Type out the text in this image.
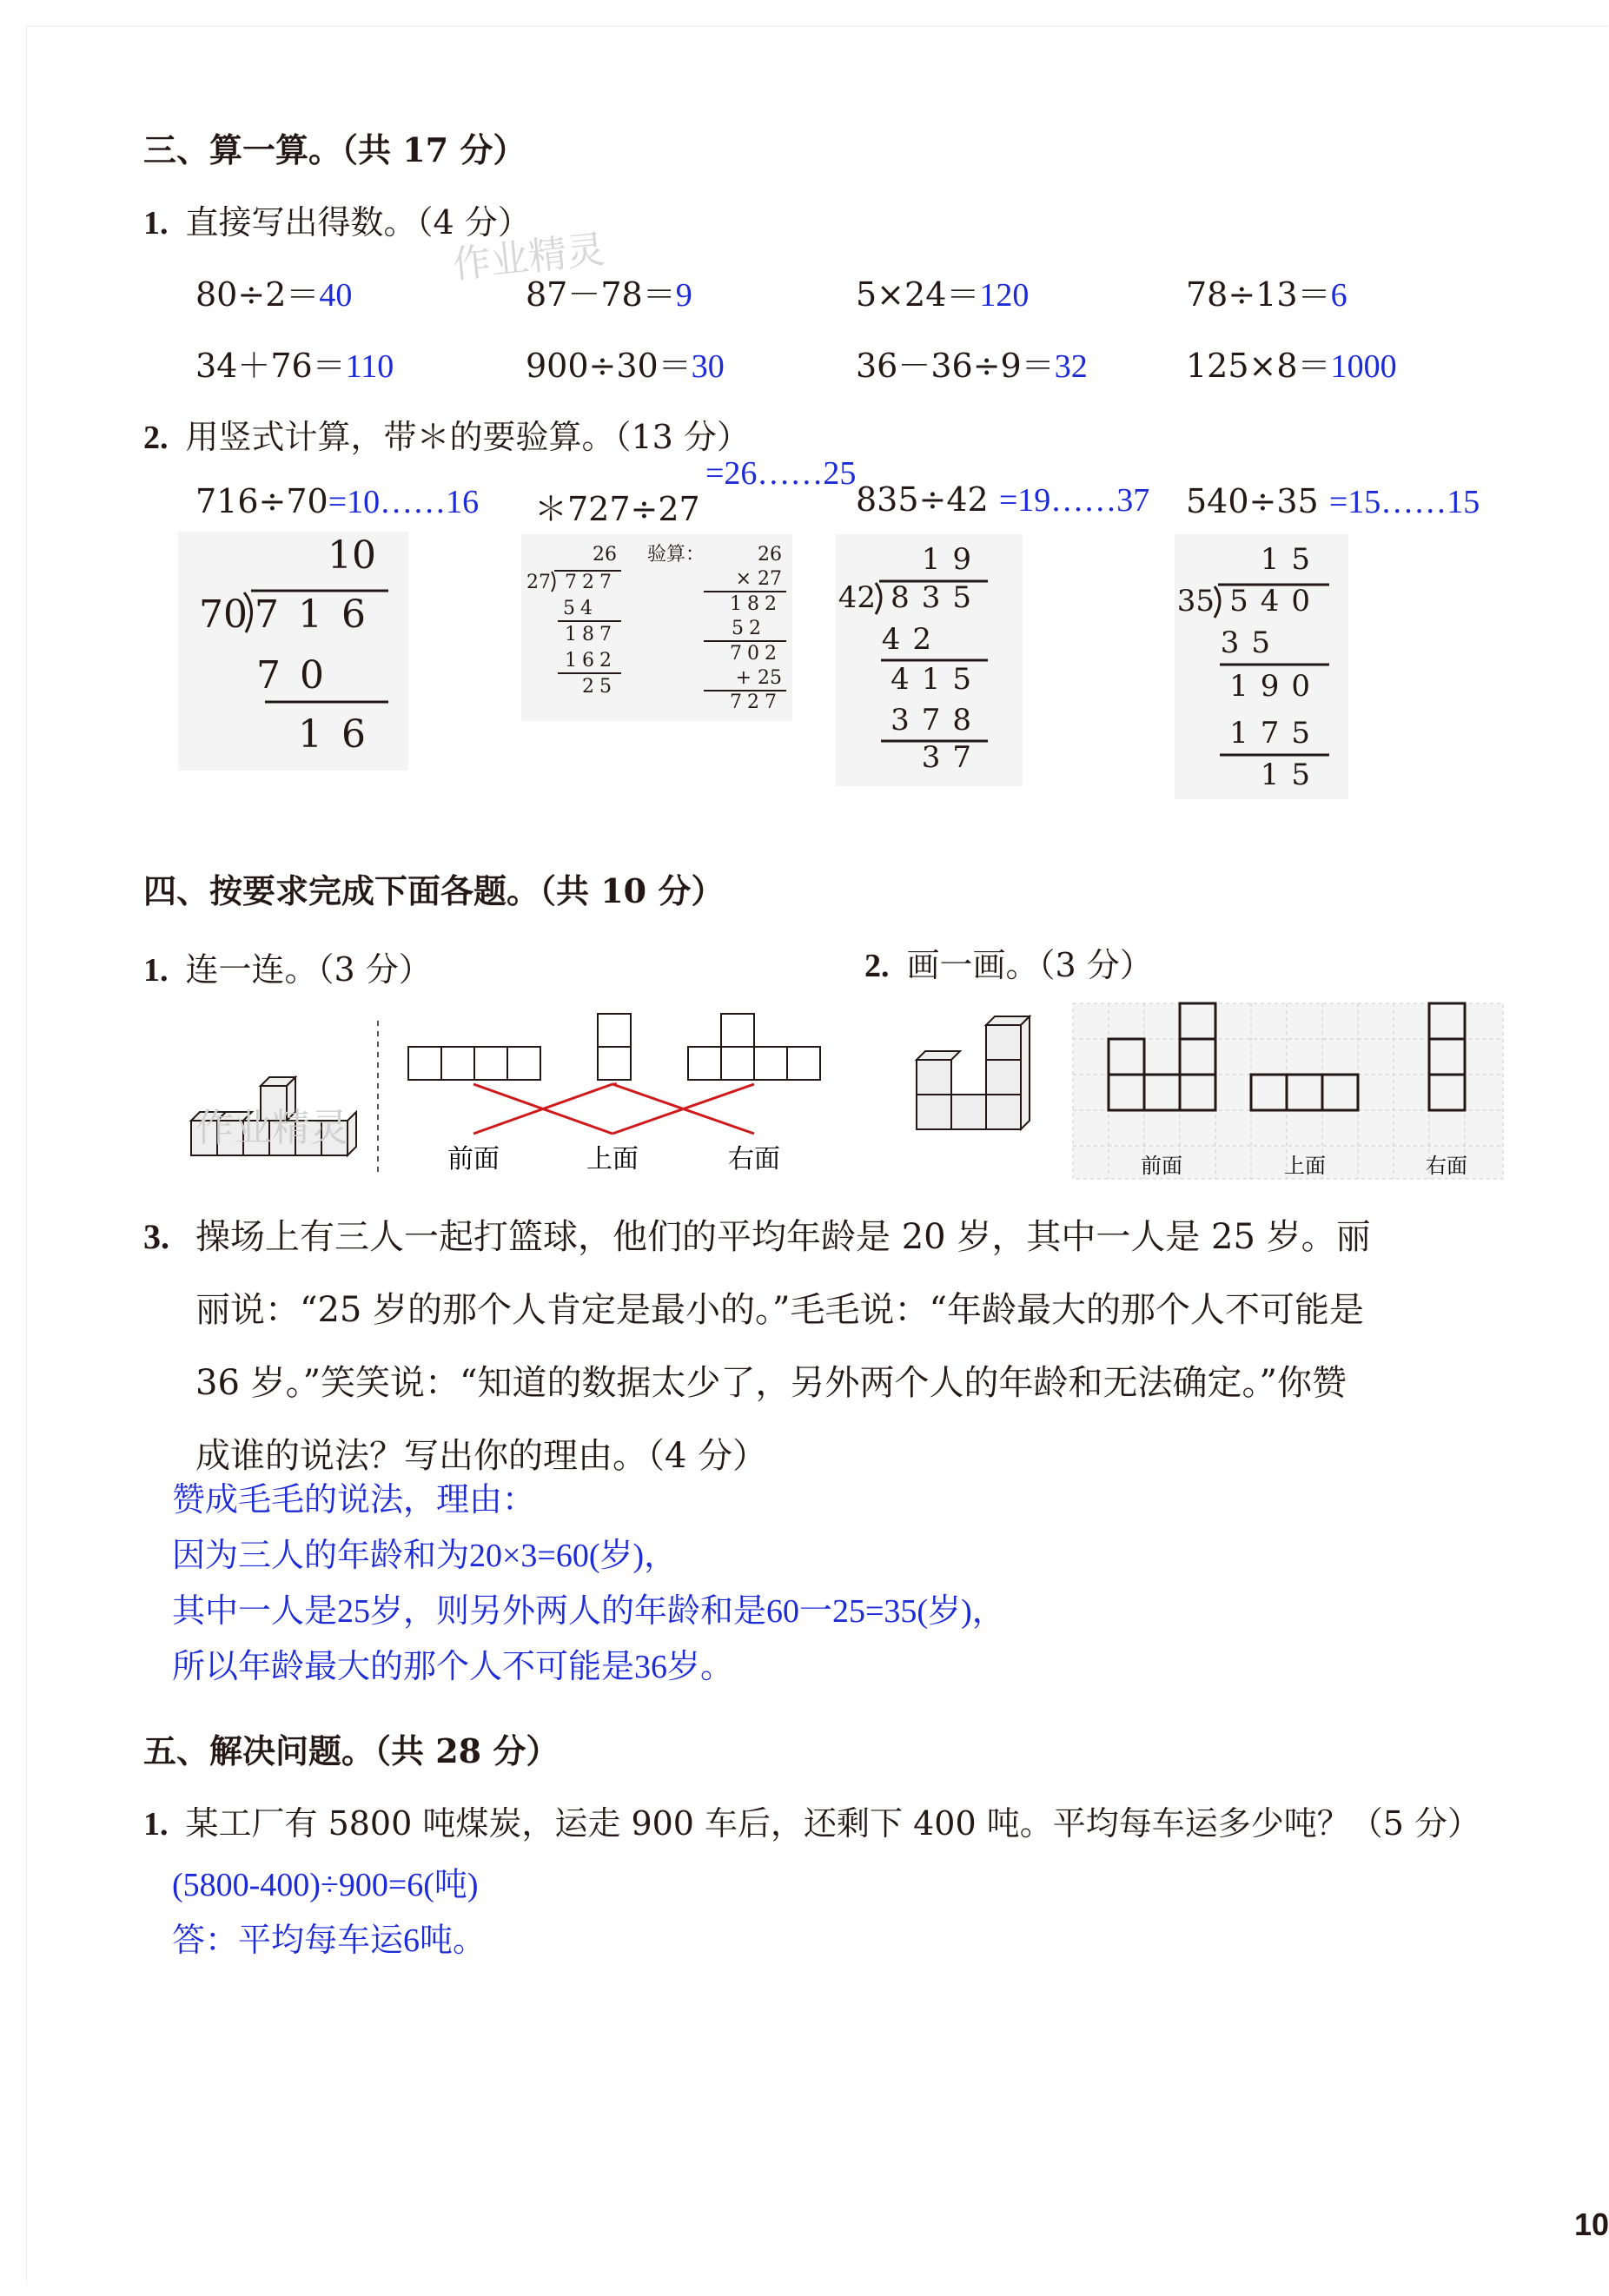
三、算一算。（共 17 分）
1. 直接写出得数。（4 分）
80÷2＝40	87－78＝9	5×24＝120	78÷13＝6
34＋76＝110	900÷30＝30	36－36÷9＝32	125×8＝1000
作业精灵
2. 用竖式计算，带＊的要验算。（13 分）
716÷70=10……16 ＊727÷27
=26……25
835÷42 =19……37 540÷35 =15……15
10
70 716
70
16
26
27 727
54
187
162
25
验算：	26
× 27
182
52
702
+ 25
727
19
42 835
42
415
378
37
15
35 540
35
190
175
15
四、按要求完成下面各题。（共 10 分）
1. 连一连。（3 分）	2. 画一画。（3 分）
前面	上面	右面
作业精灵
前面	上面	右面
3. 操场上有三人一起打篮球，他们的平均年龄是 20 岁，其中一人是 25 岁。丽
丽说：“25 岁的那个人肯定是最小的。”毛毛说：“年龄最大的那个人不可能是
36 岁。”笑笑说：“知道的数据太少了，另外两个人的年龄和无法确定。”你赞
成谁的说法？写出你的理由。（4 分）
赞成毛毛的说法，理由：
因为三人的年龄和为20×3=60(岁)，
其中一人是25岁，则另外两人的年龄和是60一25=35(岁)，
所以年龄最大的那个人不可能是36岁。
五、解决问题。（共 28 分）
1. 某工厂有 5800 吨煤炭，运走 900 车后，还剩下 400 吨。平均每车运多少吨？（5 分）
(5800-400)÷900=6(吨)
答：平均每车运6吨。
10
